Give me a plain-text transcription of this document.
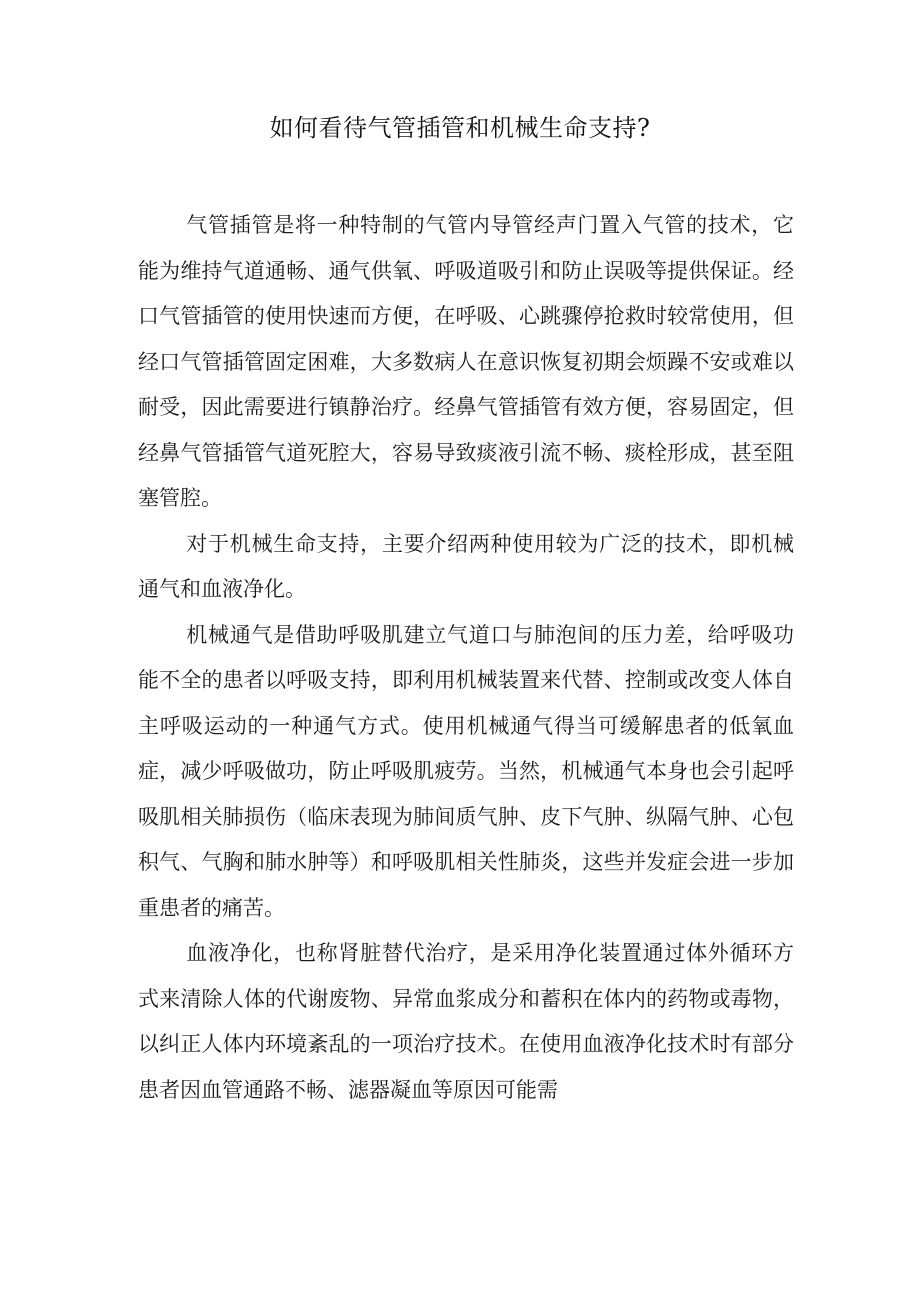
如何看待气管插管和机械生命支持?

气管插管是将一种特制的气管内导管经声门置入气管的技术，它能为维持气道通畅、通气供氧、呼吸道吸引和防止误吸等提供保证。经口气管插管的使用快速而方便，在呼吸、心跳骤停抢救时较常使用，但经口气管插管固定困难，大多数病人在意识恢复初期会烦躁不安或难以耐受，因此需要进行镇静治疗。经鼻气管插管有效方便，容易固定，但经鼻气管插管气道死腔大，容易导致痰液引流不畅、痰栓形成，甚至阻塞管腔。

对于机械生命支持，主要介绍两种使用较为广泛的技术，即机械通气和血液净化。

机械通气是借助呼吸肌建立气道口与肺泡间的压力差，给呼吸功能不全的患者以呼吸支持，即利用机械装置来代替、控制或改变人体自主呼吸运动的一种通气方式。使用机械通气得当可缓解患者的低氧血症，减少呼吸做功，防止呼吸肌疲劳。当然，机械通气本身也会引起呼吸肌相关肺损伤（临床表现为肺间质气肿、皮下气肿、纵隔气肿、心包积气、气胸和肺水肿等）和呼吸肌相关性肺炎，这些并发症会进一步加重患者的痛苦。

血液净化，也称肾脏替代治疗，是采用净化装置通过体外循环方式来清除人体的代谢废物、异常血浆成分和蓄积在体内的药物或毒物，以纠正人体内环境紊乱的一项治疗技术。在使用血液净化技术时有部分患者因血管通路不畅、滤器凝血等原因可能需
